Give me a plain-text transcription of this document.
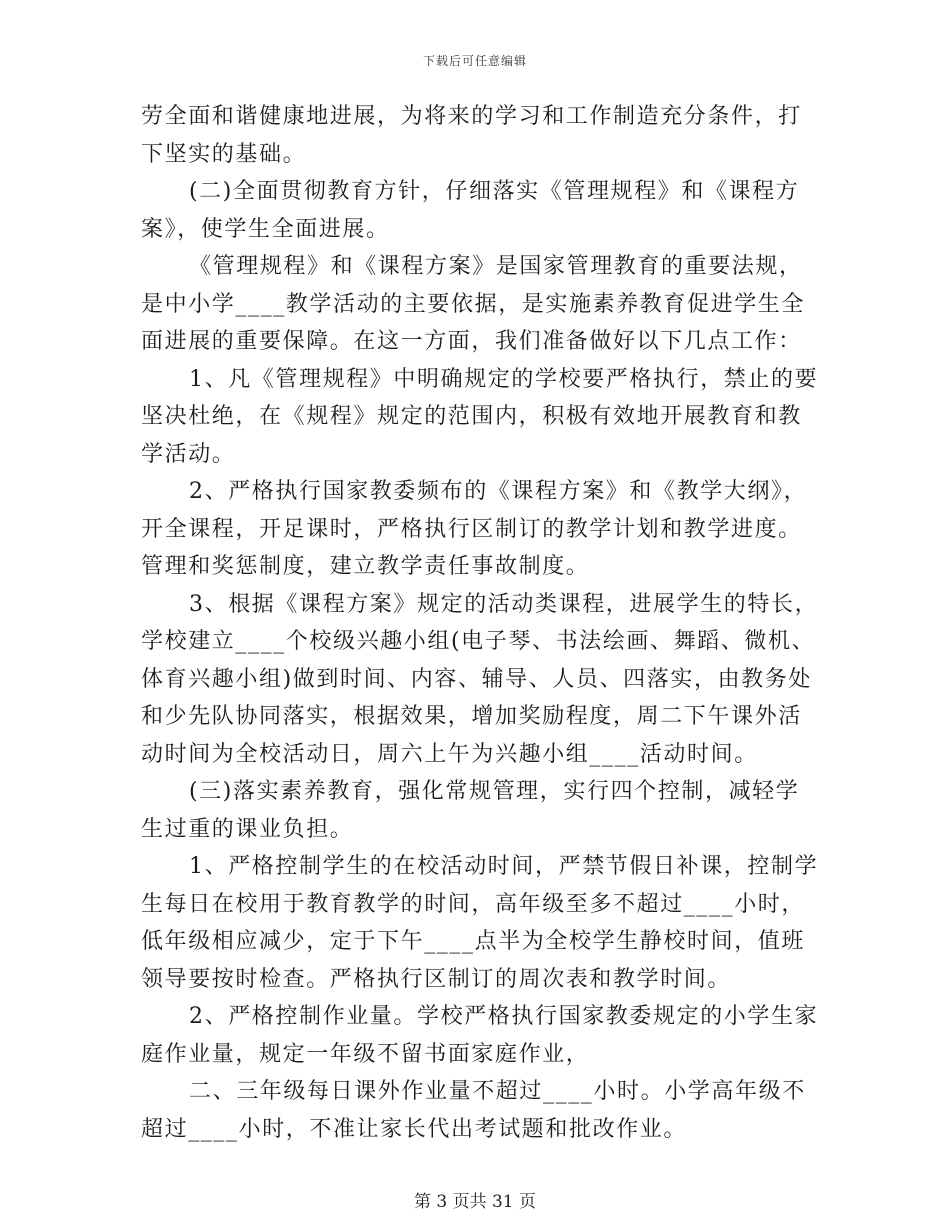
下载后可任意编辑

劳全面和谐健康地进展，为将来的学习和工作制造充分条件，打下坚实的基础。

(二)全面贯彻教育方针，仔细落实《管理规程》和《课程方案》，使学生全面进展。

《管理规程》和《课程方案》是国家管理教育的重要法规，是中小学____教学活动的主要依据，是实施素养教育促进学生全面进展的重要保障。在这一方面，我们准备做好以下几点工作：

1、凡《管理规程》中明确规定的学校要严格执行，禁止的要坚决杜绝，在《规程》规定的范围内，积极有效地开展教育和教学活动。

2、严格执行国家教委频布的《课程方案》和《教学大纲》，开全课程，开足课时，严格执行区制订的教学计划和教学进度。管理和奖惩制度，建立教学责任事故制度。

3、根据《课程方案》规定的活动类课程，进展学生的特长，学校建立____个校级兴趣小组(电子琴、书法绘画、舞蹈、微机、体育兴趣小组)做到时间、内容、辅导、人员、四落实，由教务处和少先队协同落实，根据效果，增加奖励程度，周二下午课外活动时间为全校活动日，周六上午为兴趣小组____活动时间。

(三)落实素养教育，强化常规管理，实行四个控制，减轻学生过重的课业负担。

1、严格控制学生的在校活动时间，严禁节假日补课，控制学生每日在校用于教育教学的时间，高年级至多不超过____小时，低年级相应减少，定于下午____点半为全校学生静校时间，值班领导要按时检查。严格执行区制订的周次表和教学时间。

2、严格控制作业量。学校严格执行国家教委规定的小学生家庭作业量，规定一年级不留书面家庭作业，

二、三年级每日课外作业量不超过____小时。小学高年级不超过____小时，不准让家长代出考试题和批改作业。

第 3 页共 31 页
